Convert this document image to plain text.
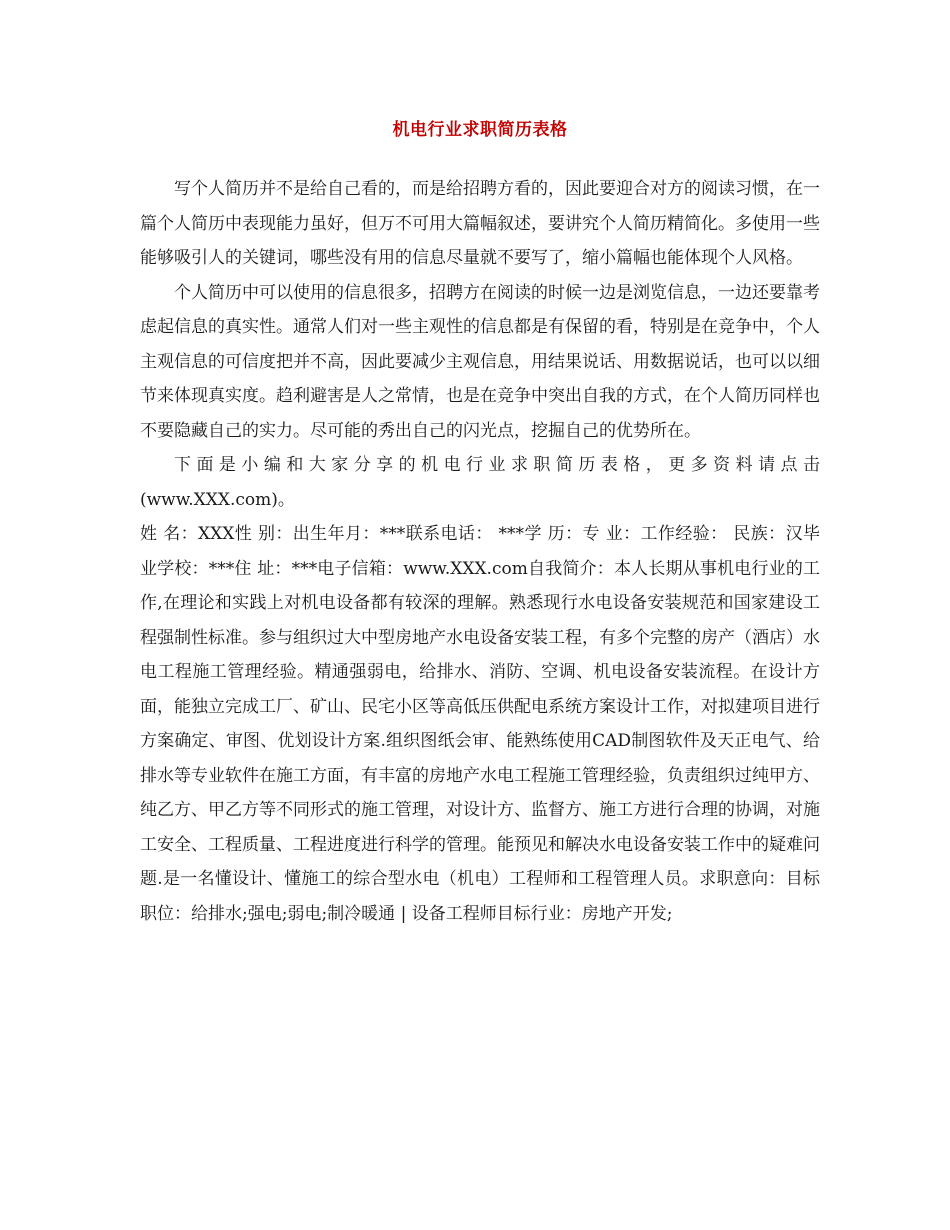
机电行业求职简历表格

写个人简历并不是给自己看的，而是给招聘方看的，因此要迎合对方的阅读习惯，在一篇个人简历中表现能力虽好，但万不可用大篇幅叙述，要讲究个人简历精简化。多使用一些能够吸引人的关键词，哪些没有用的信息尽量就不要写了，缩小篇幅也能体现个人风格。

个人简历中可以使用的信息很多，招聘方在阅读的时候一边是浏览信息，一边还要靠考虑起信息的真实性。通常人们对一些主观性的信息都是有保留的看，特别是在竞争中，个人主观信息的可信度把并不高，因此要减少主观信息，用结果说话、用数据说话，也可以以细节来体现真实度。趋利避害是人之常情，也是在竞争中突出自我的方式，在个人简历同样也不要隐藏自己的实力。尽可能的秀出自己的闪光点，挖掘自己的优势所在。

下面是小编和大家分享的机电行业求职简历表格，更多资料请点击

(www.XXX.com)。

姓 名：XXX性 别：出生年月：***联系电话： ***学 历：专 业：工作经验： 民族：汉毕业学校：***住 址：***电子信箱：www.XXX.com自我简介：本人长期从事机电行业的工作,在理论和实践上对机电设备都有较深的理解。熟悉现行水电设备安装规范和国家建设工程强制性标准。参与组织过大中型房地产水电设备安装工程，有多个完整的房产（酒店）水电工程施工管理经验。精通强弱电，给排水、消防、空调、机电设备安装流程。在设计方面，能独立完成工厂、矿山、民宅小区等高低压供配电系统方案设计工作，对拟建项目进行方案确定、审图、优划设计方案.组织图纸会审、能熟练使用CAD制图软件及天正电气、给排水等专业软件在施工方面，有丰富的房地产水电工程施工管理经验，负责组织过纯甲方、纯乙方、甲乙方等不同形式的施工管理，对设计方、监督方、施工方进行合理的协调，对施工安全、工程质量、工程进度进行科学的管理。能预见和解决水电设备安装工作中的疑难问题.是一名懂设计、懂施工的综合型水电（机电）工程师和工程管理人员。求职意向：目标职位：给排水;强电;弱电;制冷暖通 | 设备工程师目标行业：房地产开发;
